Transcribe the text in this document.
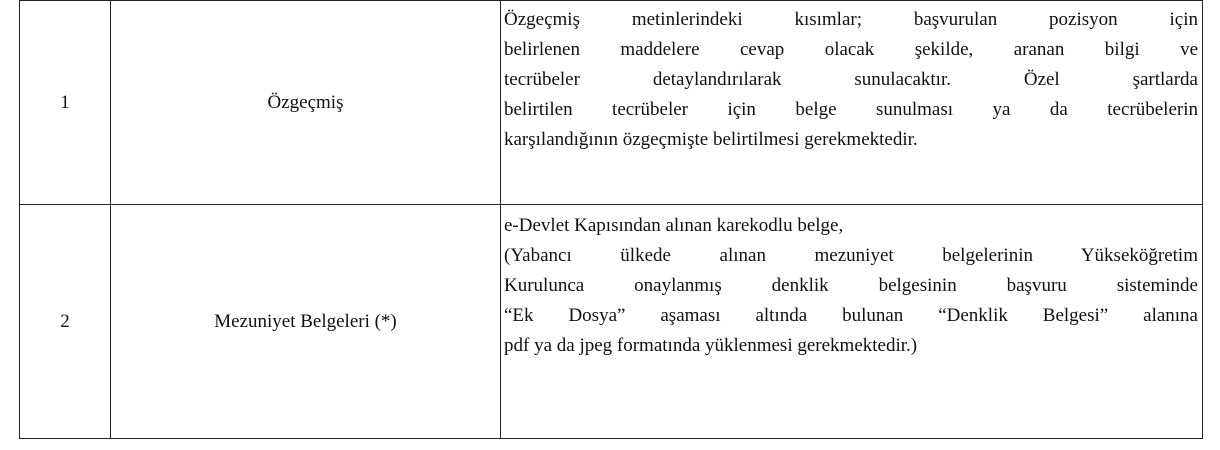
1	Özgeçmiş	Özgeçmiş metinlerindeki kısımlar; başvurulan pozisyon için
belirlenen maddelere cevap olacak şekilde, aranan bilgi ve
tecrübeler detaylandırılarak sunulacaktır. Özel şartlarda
belirtilen tecrübeler için belge sunulması ya da tecrübelerin
karşılandığının özgeçmişte belirtilmesi gerekmektedir.

2	Mezuniyet Belgeleri (*)	e-Devlet Kapısından alınan karekodlu belge,
(Yabancı ülkede alınan mezuniyet belgelerinin Yükseköğretim
Kurulunca onaylanmış denklik belgesinin başvuru sisteminde
“Ek Dosya” aşaması altında bulunan “Denklik Belgesi” alanına
pdf ya da jpeg formatında yüklenmesi gerekmektedir.)
